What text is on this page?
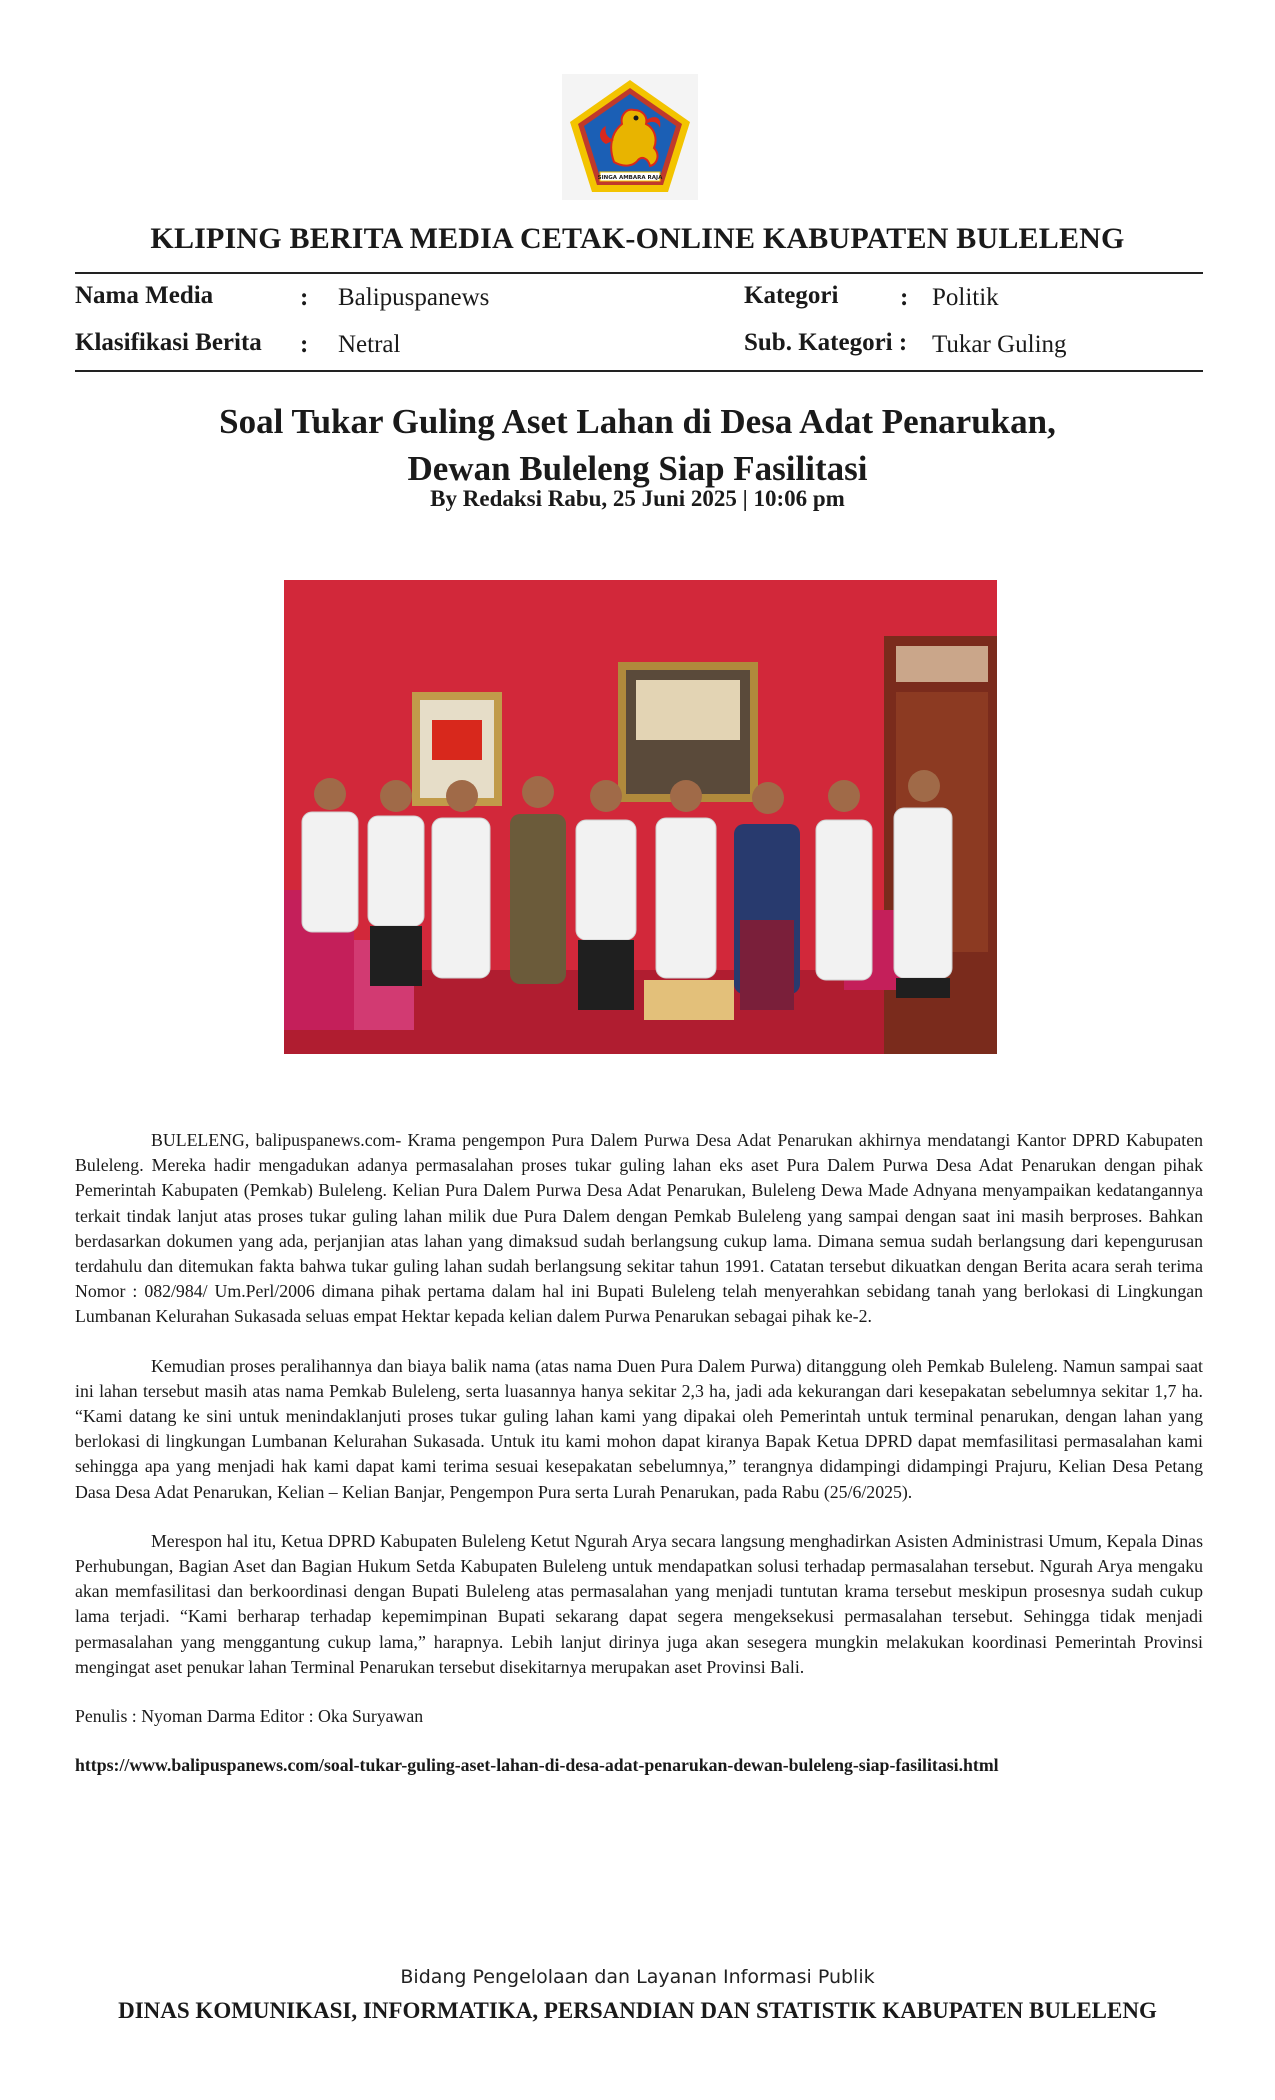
SINGA AMBARA RAJA
KLIPING BERITA MEDIA CETAK-ONLINE KABUPATEN BULELENG
Nama Media	: Balipuspanews
Klasifikasi Berita : Netral
Kategori : Politik
Sub. Kategori : Tukar Guling
Soal Tukar Guling Aset Lahan di Desa Adat Penarukan,
Dewan Buleleng Siap Fasilitasi
By Redaksi Rabu, 25 Juni 2025 | 10:06 pm

BULELENG, balipuspanews.com- Krama pengempon Pura Dalem Purwa Desa Adat Penarukan akhirnya mendatangi Kantor DPRD Kabupaten Buleleng. Mereka hadir mengadukan adanya permasalahan proses tukar guling lahan eks aset Pura Dalem Purwa Desa Adat Penarukan dengan pihak Pemerintah Kabupaten (Pemkab) Buleleng. Kelian Pura Dalem Purwa Desa Adat Penarukan, Buleleng Dewa Made Adnyana menyampaikan kedatangannya terkait tindak lanjut atas proses tukar guling lahan milik due Pura Dalem dengan Pemkab Buleleng yang sampai dengan saat ini masih berproses. Bahkan berdasarkan dokumen yang ada, perjanjian atas lahan yang dimaksud sudah berlangsung cukup lama. Dimana semua sudah berlangsung dari kepengurusan terdahulu dan ditemukan fakta bahwa tukar guling lahan sudah berlangsung sekitar tahun 1991. Catatan tersebut dikuatkan dengan Berita acara serah terima Nomor : 082/984/ Um.Perl/2006 dimana pihak pertama dalam hal ini Bupati Buleleng telah menyerahkan sebidang tanah yang berlokasi di Lingkungan Lumbanan Kelurahan Sukasada seluas empat Hektar kepada kelian dalem Purwa Penarukan sebagai pihak ke-2.

Kemudian proses peralihannya dan biaya balik nama (atas nama Duen Pura Dalem Purwa) ditanggung oleh Pemkab Buleleng. Namun sampai saat ini lahan tersebut masih atas nama Pemkab Buleleng, serta luasannya hanya sekitar 2,3 ha, jadi ada kekurangan dari kesepakatan sebelumnya sekitar 1,7 ha. “Kami datang ke sini untuk menindaklanjuti proses tukar guling lahan kami yang dipakai oleh Pemerintah untuk terminal penarukan, dengan lahan yang berlokasi di lingkungan Lumbanan Kelurahan Sukasada. Untuk itu kami mohon dapat kiranya Bapak Ketua DPRD dapat memfasilitasi permasalahan kami sehingga apa yang menjadi hak kami dapat kami terima sesuai kesepakatan sebelumnya,” terangnya didampingi didampingi Prajuru, Kelian Desa Petang Dasa Desa Adat Penarukan, Kelian – Kelian Banjar, Pengempon Pura serta Lurah Penarukan, pada Rabu (25/6/2025).

Merespon hal itu, Ketua DPRD Kabupaten Buleleng Ketut Ngurah Arya secara langsung menghadirkan Asisten Administrasi Umum, Kepala Dinas Perhubungan, Bagian Aset dan Bagian Hukum Setda Kabupaten Buleleng untuk mendapatkan solusi terhadap permasalahan tersebut. Ngurah Arya mengaku akan memfasilitasi dan berkoordinasi dengan Bupati Buleleng atas permasalahan yang menjadi tuntutan krama tersebut meskipun prosesnya sudah cukup lama terjadi. “Kami berharap terhadap kepemimpinan Bupati sekarang dapat segera mengeksekusi permasalahan tersebut. Sehingga tidak menjadi permasalahan yang menggantung cukup lama,” harapnya. Lebih lanjut dirinya juga akan sesegera mungkin melakukan koordinasi Pemerintah Provinsi mengingat aset penukar lahan Terminal Penarukan tersebut disekitarnya merupakan aset Provinsi Bali.

Penulis : Nyoman Darma Editor : Oka Suryawan

https://www.balipuspanews.com/soal-tukar-guling-aset-lahan-di-desa-adat-penarukan-dewan-buleleng-siap-fasilitasi.html

Bidang Pengelolaan dan Layanan Informasi Publik
DINAS KOMUNIKASI, INFORMATIKA, PERSANDIAN DAN STATISTIK KABUPATEN BULELENG
